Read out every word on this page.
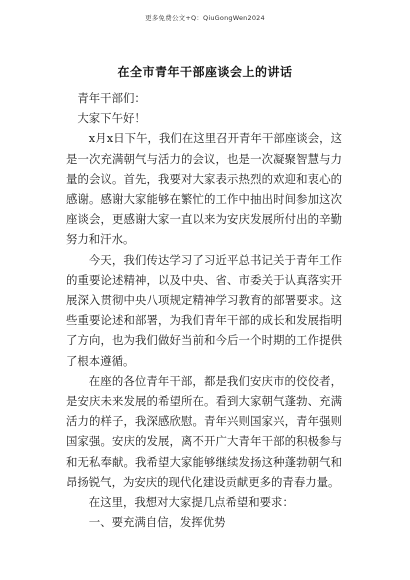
更多免费公文+Q：QiuGongWen2024
在全市青年干部座谈会上的讲话

青年干部们：

大家下午好！

x月x日下午，我们在这里召开青年干部座谈会，这是一次充满朝气与活力的会议，也是一次凝聚智慧与力量的会议。首先，我要对大家表示热烈的欢迎和衷心的感谢。感谢大家能够在繁忙的工作中抽出时间参加这次座谈会，更感谢大家一直以来为安庆发展所付出的辛勤努力和汗水。

今天，我们传达学习了习近平总书记关于青年工作的重要论述精神，以及中央、省、市委关于认真落实开展深入贯彻中央八项规定精神学习教育的部署要求。这些重要论述和部署，为我们青年干部的成长和发展指明了方向，也为我们做好当前和今后一个时期的工作提供了根本遵循。

在座的各位青年干部，都是我们安庆市的佼佼者，是安庆未来发展的希望所在。看到大家朝气蓬勃、充满活力的样子，我深感欣慰。青年兴则国家兴，青年强则国家强。安庆的发展，离不开广大青年干部的积极参与和无私奉献。我希望大家能够继续发扬这种蓬勃朝气和昂扬锐气，为安庆的现代化建设贡献更多的青春力量。

在这里，我想对大家提几点希望和要求：

一、要充满自信，发挥优势
